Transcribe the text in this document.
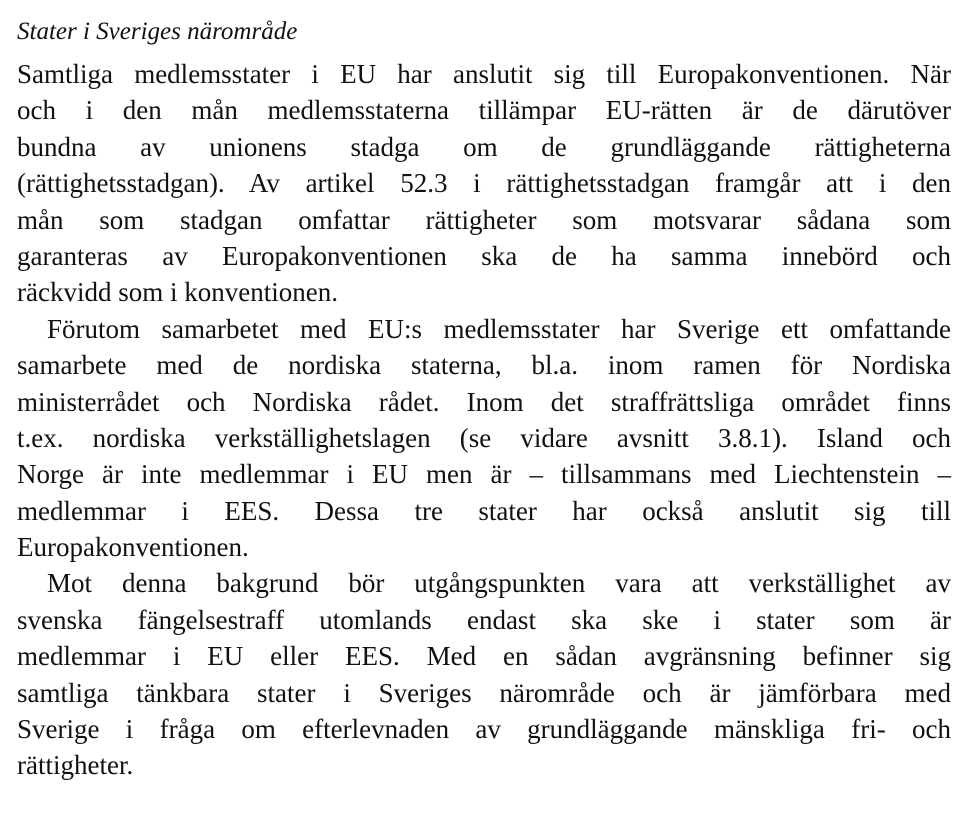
Stater i Sveriges närområde

Samtliga medlemsstater i EU har anslutit sig till Europakonventionen. När
och i den mån medlemsstaterna tillämpar EU-rätten är de därutöver
bundna av unionens stadga om de grundläggande rättigheterna
(rättighetsstadgan). Av artikel 52.3 i rättighetsstadgan framgår att i den
mån som stadgan omfattar rättigheter som motsvarar sådana som
garanteras av Europakonventionen ska de ha samma innebörd och
räckvidd som i konventionen.

Förutom samarbetet med EU:s medlemsstater har Sverige ett omfattande
samarbete med de nordiska staterna, bl.a. inom ramen för Nordiska
ministerrådet och Nordiska rådet. Inom det straffrättsliga området finns
t.ex. nordiska verkställighetslagen (se vidare avsnitt 3.8.1). Island och
Norge är inte medlemmar i EU men är – tillsammans med Liechtenstein –
medlemmar i EES. Dessa tre stater har också anslutit sig till
Europakonventionen.

Mot denna bakgrund bör utgångspunkten vara att verkställighet av
svenska fängelsestraff utomlands endast ska ske i stater som är
medlemmar i EU eller EES. Med en sådan avgränsning befinner sig
samtliga tänkbara stater i Sveriges närområde och är jämförbara med
Sverige i fråga om efterlevnaden av grundläggande mänskliga fri- och
rättigheter.
